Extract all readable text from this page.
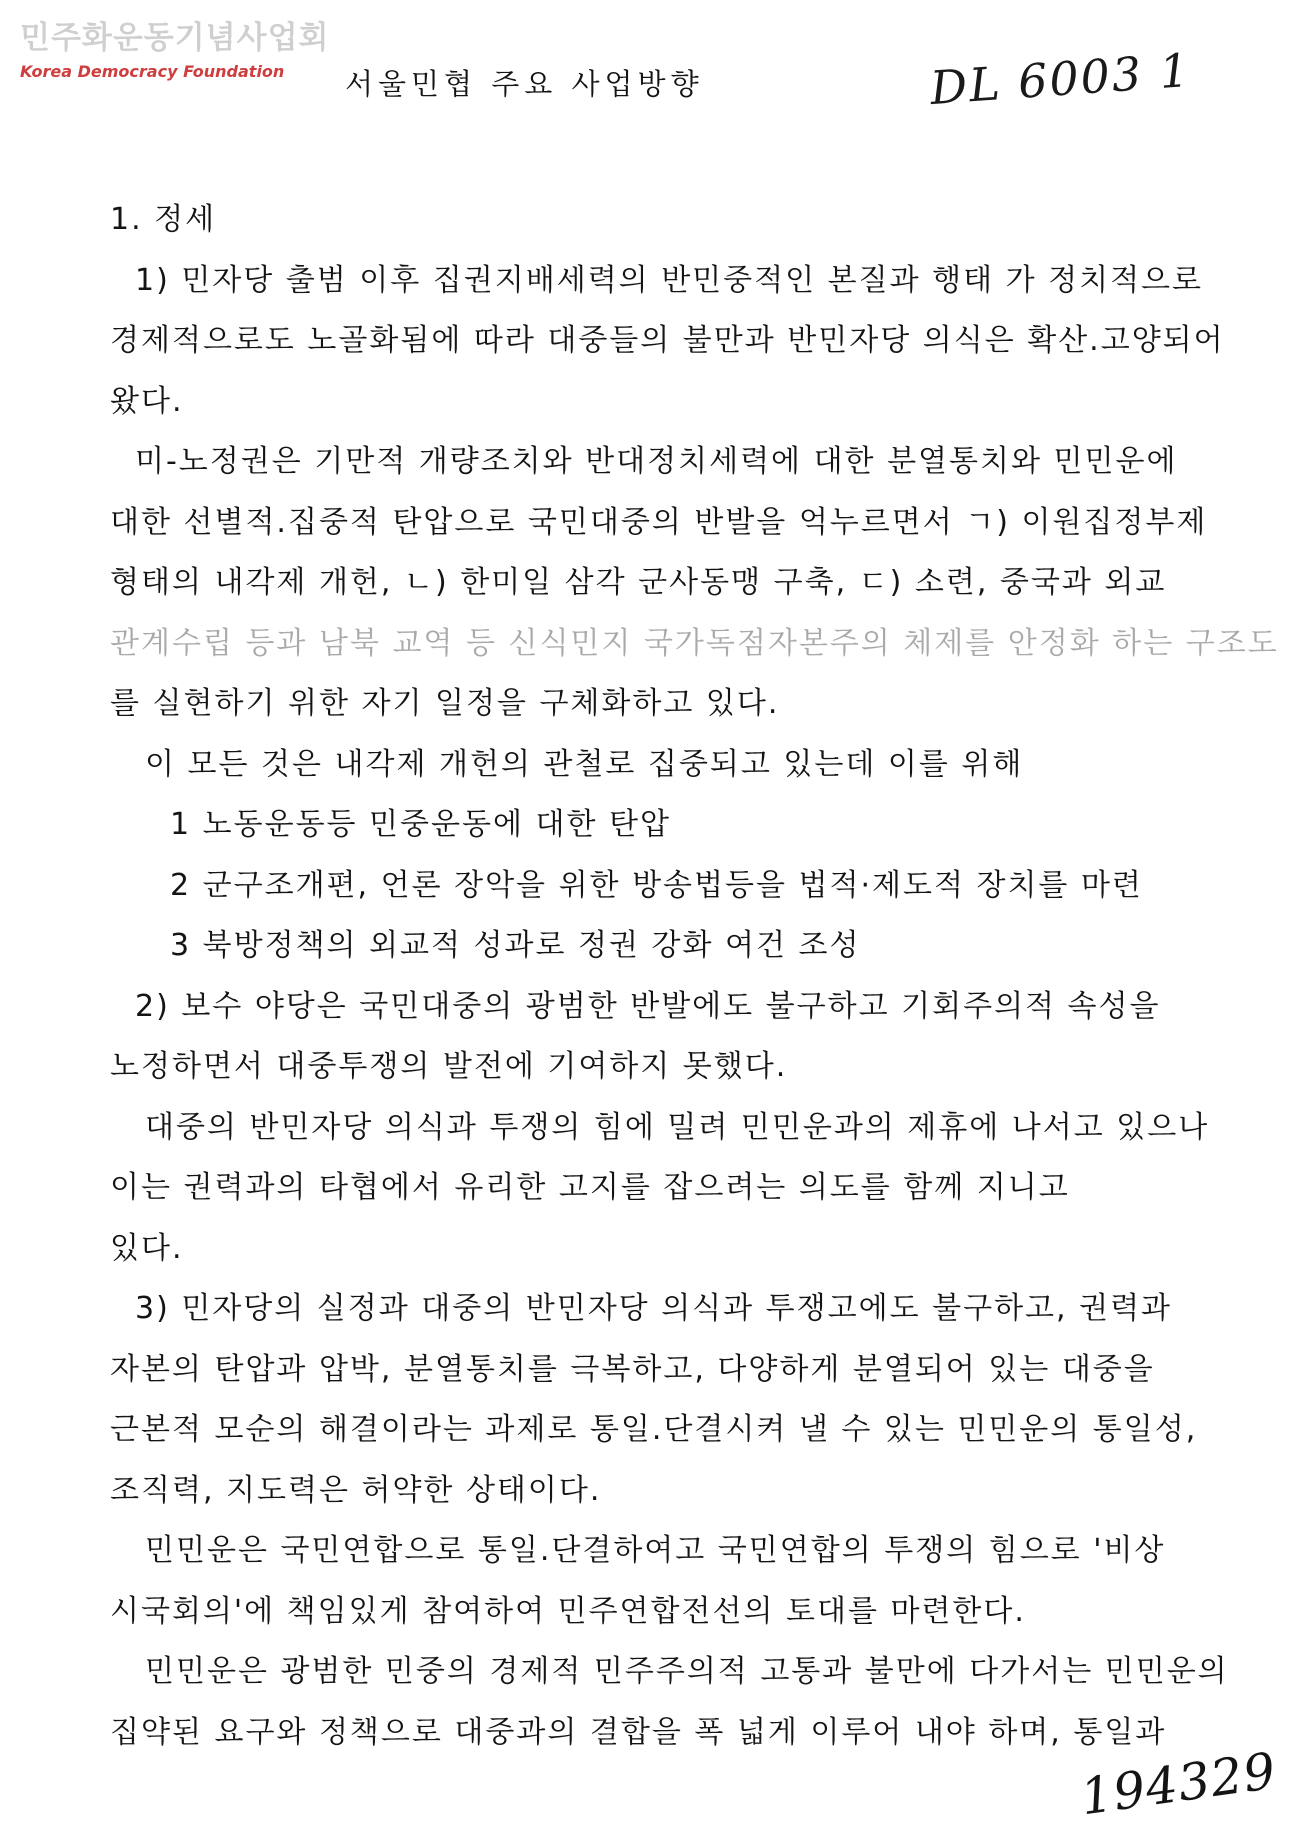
민주화운동기념사업회
Korea Democracy Foundation	서울민협 주요 사업방향	DL 6003 1
1. 정세
1) 민자당 출범 이후 집권지배세력의 반민중적인 본질과 행태 가 정치적으로
경제적으로도 노골화됨에 따라 대중들의 불만과 반민자당 의식은 확산.고양되어
왔다.
미-노정권은 기만적 개량조치와 반대정치세력에 대한 분열통치와 민민운에
대한 선별적.집중적 탄압으로 국민대중의 반발을 억누르면서 ㄱ) 이원집정부제
형태의 내각제 개헌, ㄴ) 한미일 삼각 군사동맹 구축, ㄷ) 소련, 중국과 외교
관계수립 등과 남북 교역 등 신식민지 국가독점자본주의 체제를 안정화 하는 구조도
를 실현하기 위한 자기 일정을 구체화하고 있다.
이 모든 것은 내각제 개헌의 관철로 집중되고 있는데 이를 위해
1 노동운동등 민중운동에 대한 탄압
2 군구조개편, 언론 장악을 위한 방송법등을 법적·제도적 장치를 마련
3 북방정책의 외교적 성과로 정권 강화 여건 조성
2) 보수 야당은 국민대중의 광범한 반발에도 불구하고 기회주의적 속성을
노정하면서 대중투쟁의 발전에 기여하지 못했다.
대중의 반민자당 의식과 투쟁의 힘에 밀려 민민운과의 제휴에 나서고 있으나
이는 권력과의 타협에서 유리한 고지를 잡으려는 의도를 함께 지니고
있다.
3) 민자당의 실정과 대중의 반민자당 의식과 투쟁고에도 불구하고, 권력과
자본의 탄압과 압박, 분열통치를 극복하고, 다양하게 분열되어 있는 대중을
근본적 모순의 해결이라는 과제로 통일.단결시켜 낼 수 있는 민민운의 통일성,
조직력, 지도력은 허약한 상태이다.
민민운은 국민연합으로 통일.단결하여고 국민연합의 투쟁의 힘으로 '비상
시국회의'에 책임있게 참여하여 민주연합전선의 토대를 마련한다.
민민운은 광범한 민중의 경제적 민주주의적 고통과 불만에 다가서는 민민운의
집약된 요구와 정책으로 대중과의 결합을 폭 넓게 이루어 내야 하며, 통일과
194329
